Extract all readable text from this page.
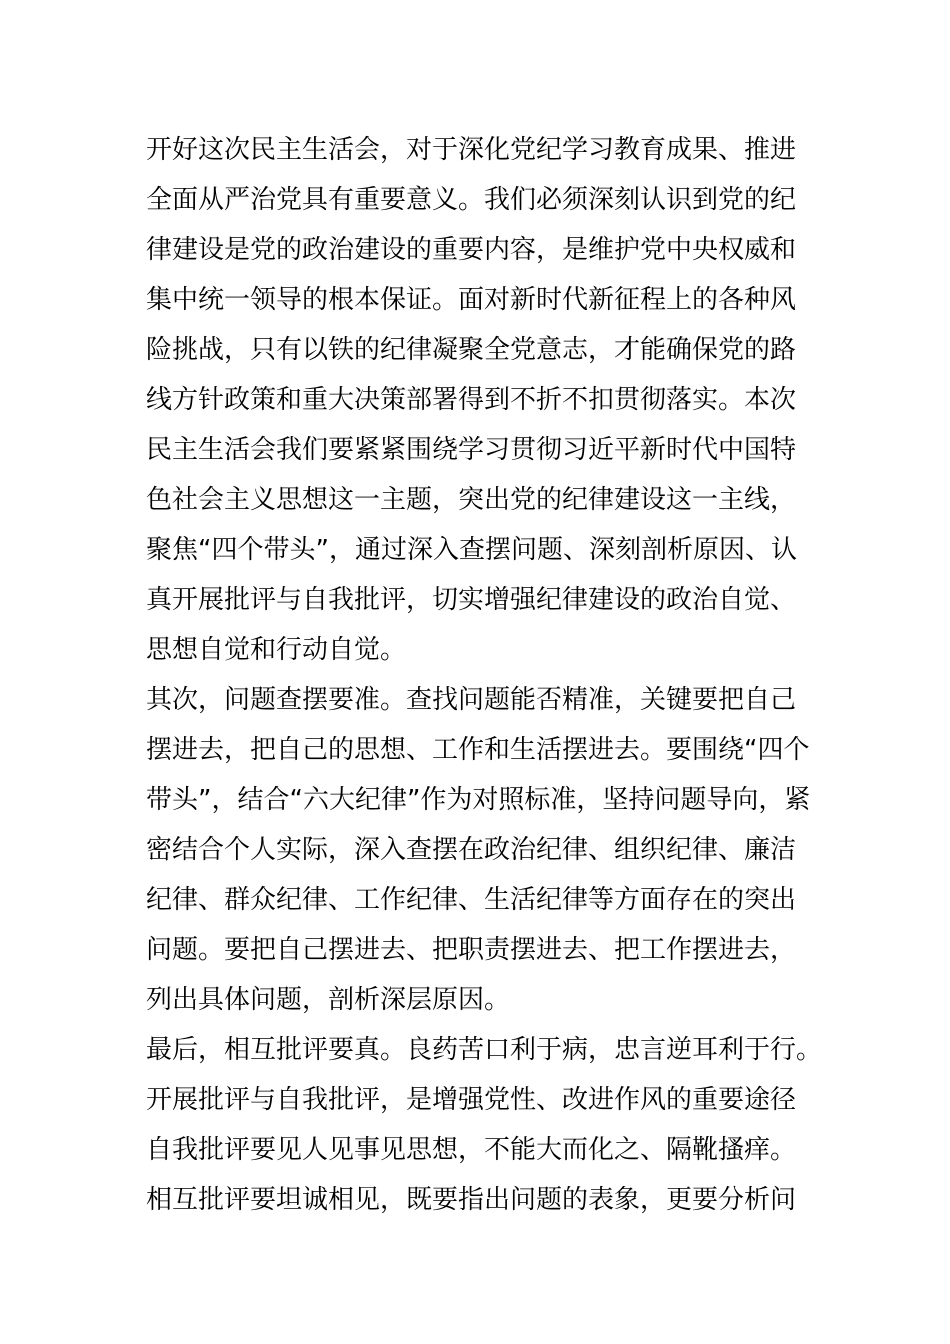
开好这次民主生活会，对于深化党纪学习教育成果、推进
全面从严治党具有重要意义。我们必须深刻认识到党的纪
律建设是党的政治建设的重要内容，是维护党中央权威和
集中统一领导的根本保证。面对新时代新征程上的各种风
险挑战，只有以铁的纪律凝聚全党意志，才能确保党的路
线方针政策和重大决策部署得到不折不扣贯彻落实。本次
民主生活会我们要紧紧围绕学习贯彻习近平新时代中国特
色社会主义思想这一主题，突出党的纪律建设这一主线，
聚焦“四个带头”，通过深入查摆问题、深刻剖析原因、认
真开展批评与自我批评，切实增强纪律建设的政治自觉、
思想自觉和行动自觉。
其次，问题查摆要准。查找问题能否精准，关键要把自己
摆进去，把自己的思想、工作和生活摆进去。要围绕“四个
带头”，结合“六大纪律”作为对照标准，坚持问题导向，紧
密结合个人实际，深入查摆在政治纪律、组织纪律、廉洁
纪律、群众纪律、工作纪律、生活纪律等方面存在的突出
问题。要把自己摆进去、把职责摆进去、把工作摆进去，
列出具体问题，剖析深层原因。
最后，相互批评要真。良药苦口利于病，忠言逆耳利于行。
开展批评与自我批评，是增强党性、改进作风的重要途径
自我批评要见人见事见思想，不能大而化之、隔靴搔痒。
相互批评要坦诚相见，既要指出问题的表象，更要分析问
